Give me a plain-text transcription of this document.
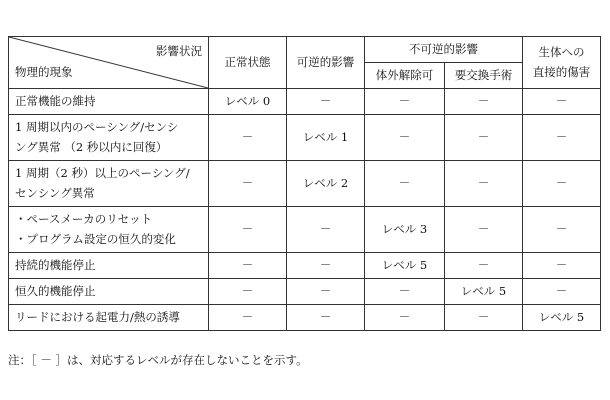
影響状況
物理的現象	正常状態	可逆的影響	不可逆的影響		生体への
直接的傷害
			体外解除可	要交換手術	
正常機能の維持	レベル 0	－	－	－	－
1 周期以内のペーシング/センシ
ング異常 （2 秒以内に回復）	－	レベル 1	－	－	－
1 周期（2 秒）以上のペーシング/
センシング異常	－	レベル 2	－	－	－
・ペースメーカのリセット
・プログラム設定の恒久的変化	－	－	レベル 3	－	－
持続的機能停止	－	－	レベル 5	－	－
恒久的機能停止	－	－	－	レベル 5	－
リードにおける起電力/熱の誘導	－	－	－	－	レベル 5
注：［ － ］は、対応するレベルが存在しないことを示す。
